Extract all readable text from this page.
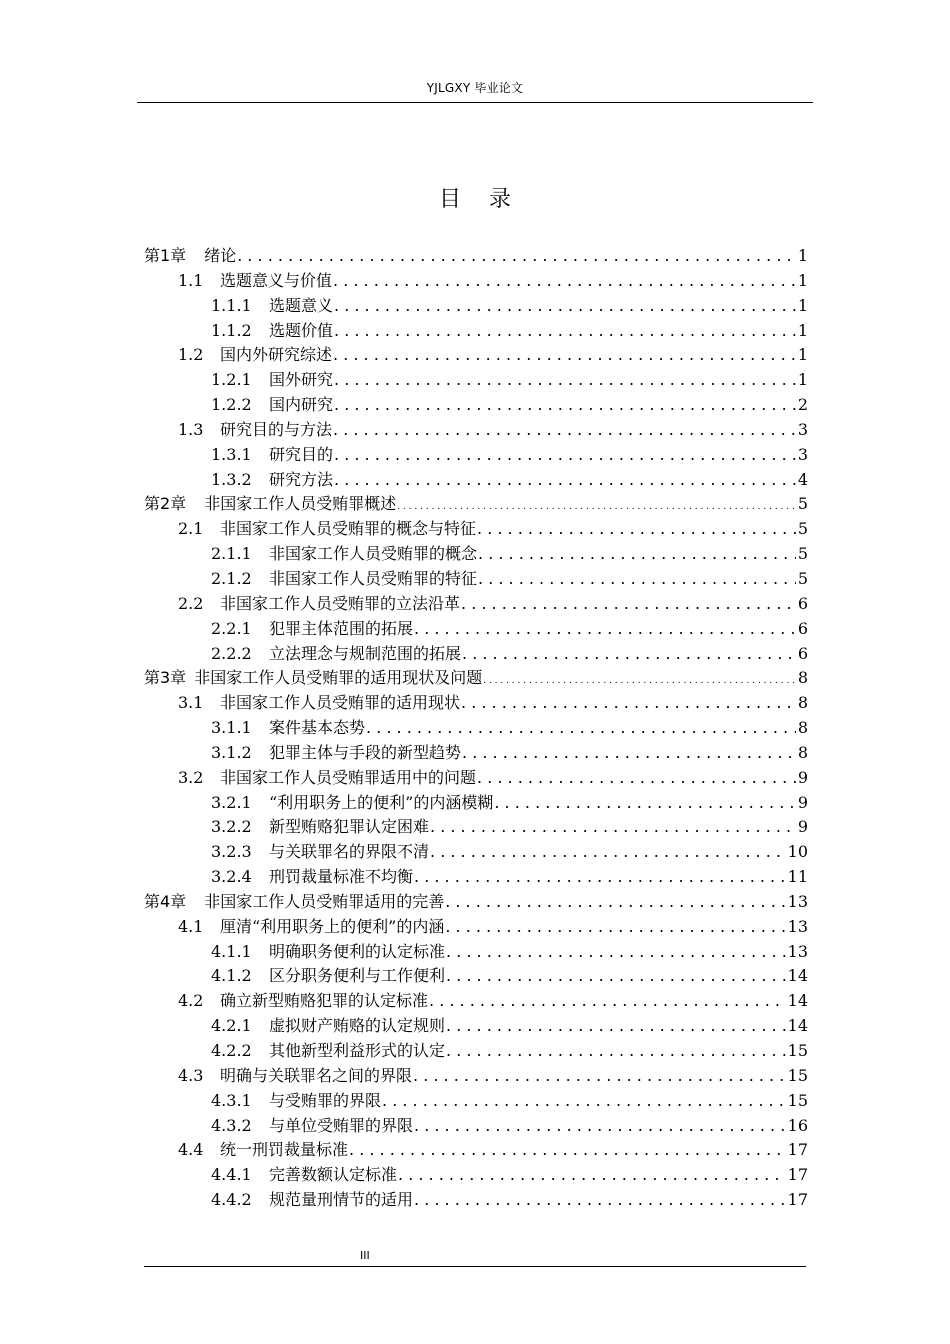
YJLGXY 毕业论文
目录
第1章	绪论 . . .	1
1.1	选题意义与价值 . . .	1
1.1.1	选题意义 . . .	1
1.1.2	选题价值 . . .	1
1.2	国内外研究综述 . . .	1
1.2.1	国外研究 . . .	1
1.2.2	国内研究 . . .	2
1.3	研究目的与方法 . . .	3
1.3.1	研究目的 . . .	3
1.3.2	研究方法 . . .	4
第2章	非国家工作人员受贿罪概述 . . .	5
2.1	非国家工作人员受贿罪的概念与特征 . . .	5
2.1.1	非国家工作人员受贿罪的概念 . . .	5
2.1.2	非国家工作人员受贿罪的特征 . . .	5
2.2	非国家工作人员受贿罪的立法沿革 . . .	6
2.2.1	犯罪主体范围的拓展 . . .	6
2.2.2	立法理念与规制范围的拓展 . . .	6
第3章 非国家工作人员受贿罪的适用现状及问题 . . .	8
3.1	非国家工作人员受贿罪的适用现状 . . .	8
3.1.1	案件基本态势 . . .	8
3.1.2	犯罪主体与手段的新型趋势 . . .	8
3.2	非国家工作人员受贿罪适用中的问题 . . .	9
3.2.1	“利用职务上的便利”的内涵模糊 . . .	9
3.2.2	新型贿赂犯罪认定困难 . . .	9
3.2.3	与关联罪名的界限不清 . . .	10
3.2.4	刑罚裁量标准不均衡 . . .	11
第4章	非国家工作人员受贿罪适用的完善 . . .	13
4.1	厘清“利用职务上的便利”的内涵 . . .	13
4.1.1	明确职务便利的认定标准 . . .	13
4.1.2	区分职务便利与工作便利 . . .	14
4.2	确立新型贿赂犯罪的认定标准 . . .	14
4.2.1	虚拟财产贿赂的认定规则 . . .	14
4.2.2	其他新型利益形式的认定 . . .	15
4.3	明确与关联罪名之间的界限 . . .	15
4.3.1	与受贿罪的界限 . . .	15
4.3.2	与单位受贿罪的界限 . . .	16
4.4	统一刑罚裁量标准 . . .	17
4.4.1	完善数额认定标准 . . .	17
4.4.2	规范量刑情节的适用 . . .	17
III
